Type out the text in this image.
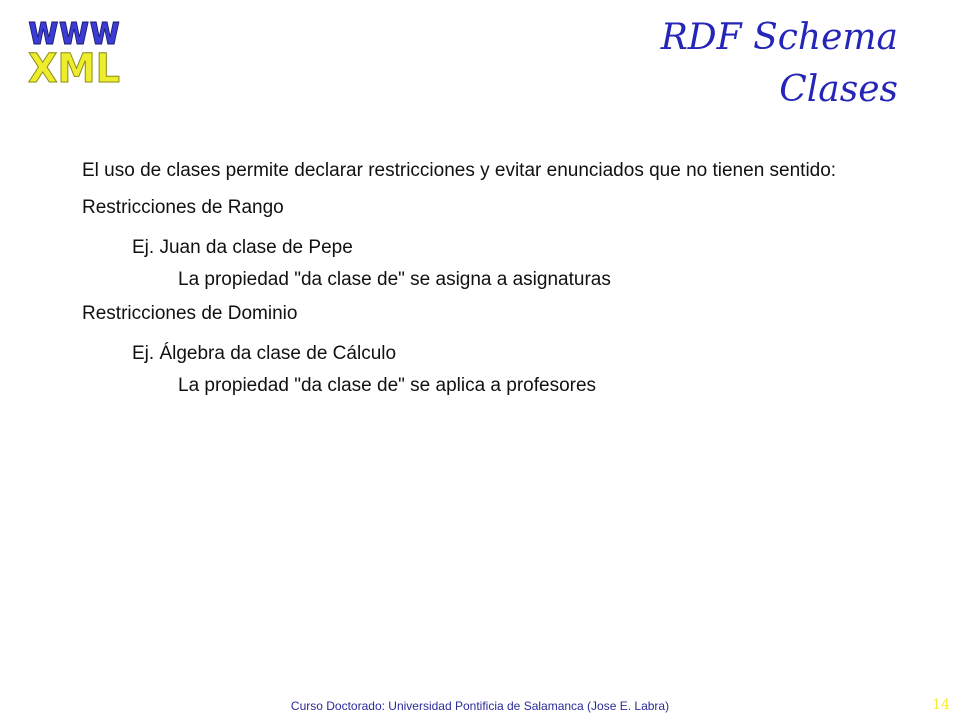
www
XML
RDF Schema
Clases

El uso de clases permite declarar restricciones y evitar enunciados que no tienen sentido:

Restricciones de Rango

Ej. Juan da clase de Pepe

La propiedad "da clase de" se asigna a asignaturas

Restricciones de Dominio

Ej. Álgebra da clase de Cálculo

La propiedad "da clase de" se aplica a profesores

Curso Doctorado: Universidad Pontificia de Salamanca (Jose E. Labra)	14
